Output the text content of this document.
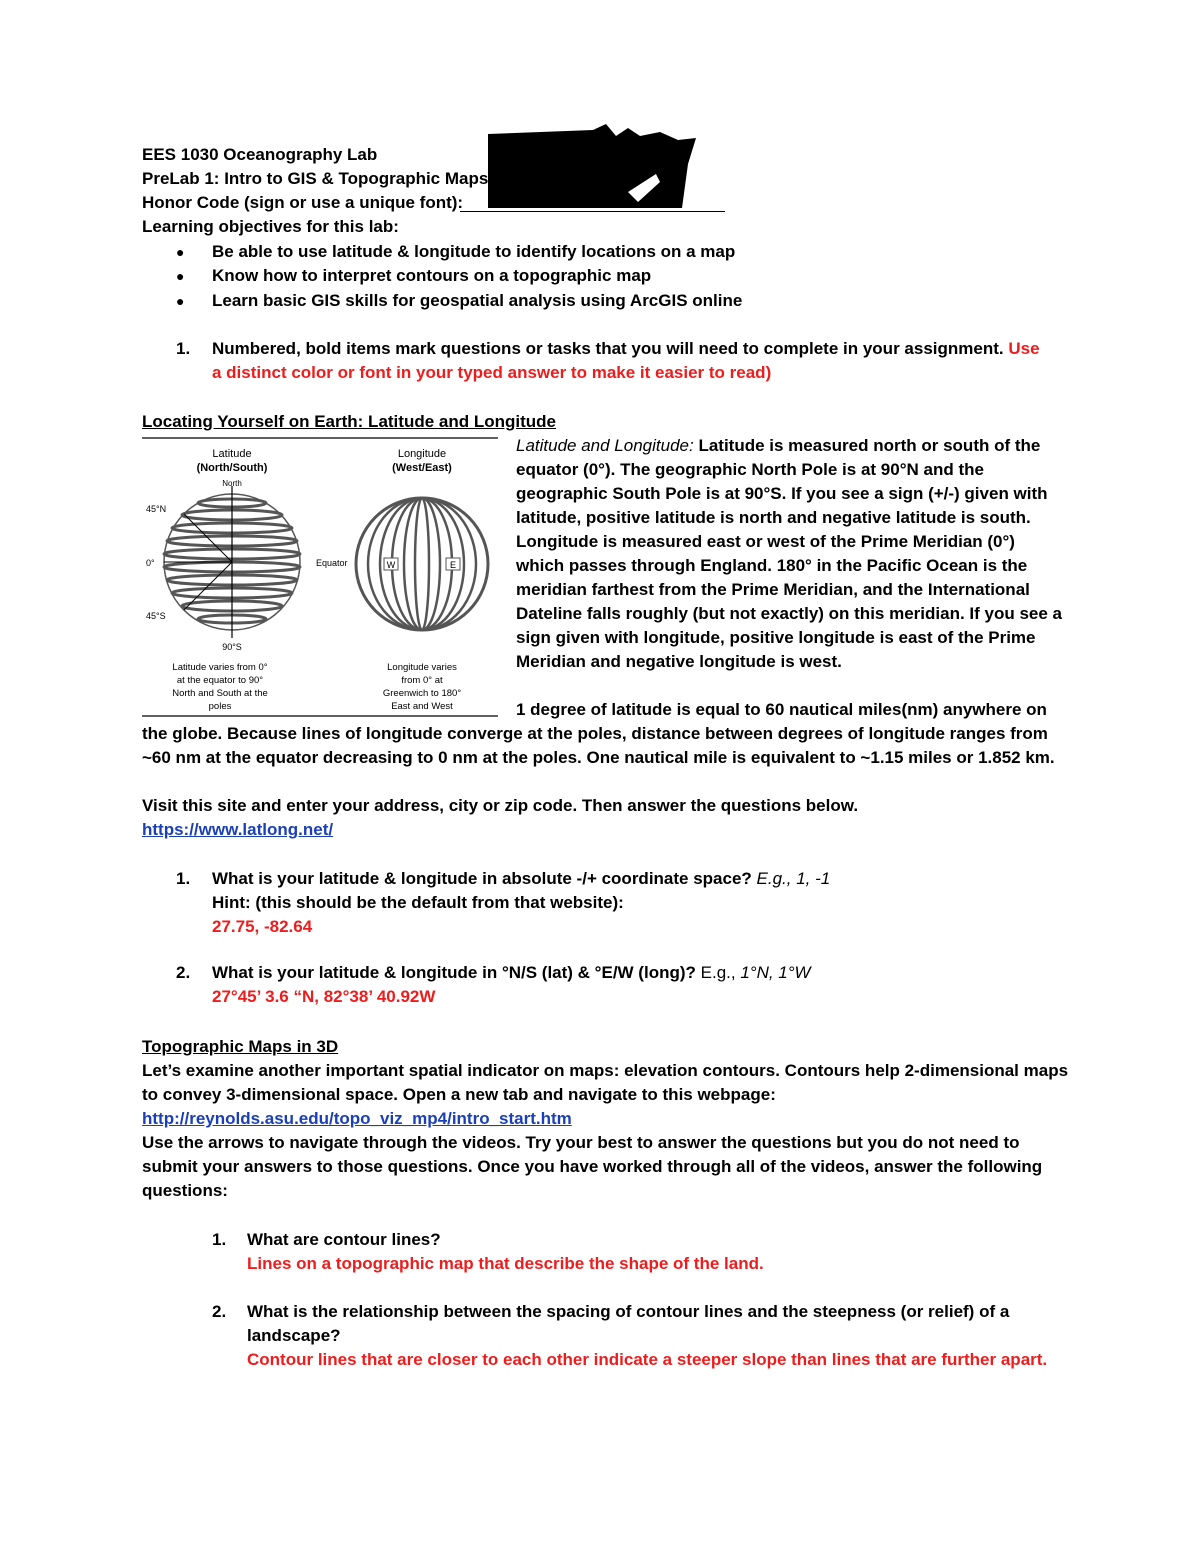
EES 1030 Oceanography Lab
PreLab 1: Intro to GIS & Topographic Maps
Honor Code (sign or use a unique font):
Learning objectives for this lab:
● Be able to use latitude & longitude to identify locations on a map
● Know how to interpret contours on a topographic map
● Learn basic GIS skills for geospatial analysis using ArcGIS online
1. Numbered, bold items mark questions or tasks that you will need to complete in your assignment. Use
a distinct color or font in your typed answer to make it easier to read)
Locating Yourself on Earth: Latitude and Longitude
Latitude
(North/South)
Longitude
(West/East)
North
45°N
0°
45°S
90°S
Equator	W	E
Latitude varies from 0°
at the equator to 90°
North and South at the
poles
Longitude varies
from 0° at
Greenwich to 180°
East and West
Latitude and Longitude: Latitude is measured north or south of the
equator (0°). The geographic North Pole is at 90°N and the
geographic South Pole is at 90°S. If you see a sign (+/-) given with
latitude, positive latitude is north and negative latitude is south.
Longitude is measured east or west of the Prime Meridian (0°)
which passes through England. 180° in the Pacific Ocean is the
meridian farthest from the Prime Meridian, and the International
Dateline falls roughly (but not exactly) on this meridian. If you see a
sign given with longitude, positive longitude is east of the Prime
Meridian and negative longitude is west.
1 degree of latitude is equal to 60 nautical miles(nm) anywhere on
the globe. Because lines of longitude converge at the poles, distance between degrees of longitude ranges from
~60 nm at the equator decreasing to 0 nm at the poles. One nautical mile is equivalent to ~1.15 miles or 1.852 km.
Visit this site and enter your address, city or zip code. Then answer the questions below.
https://www.latlong.net/
1. What is your latitude & longitude in absolute -/+ coordinate space? E.g., 1, -1
Hint: (this should be the default from that website):
27.75, -82.64
2. What is your latitude & longitude in °N/S (lat) & °E/W (long)? E.g., 1°N, 1°W
27°45’ 3.6 “N, 82°38’ 40.92W
Topographic Maps in 3D
Let’s examine another important spatial indicator on maps: elevation contours. Contours help 2-dimensional maps
to convey 3-dimensional space. Open a new tab and navigate to this webpage:
http://reynolds.asu.edu/topo_viz_mp4/intro_start.htm
Use the arrows to navigate through the videos. Try your best to answer the questions but you do not need to
submit your answers to those questions. Once you have worked through all of the videos, answer the following
questions:
1. What are contour lines?
Lines on a topographic map that describe the shape of the land.
2. What is the relationship between the spacing of contour lines and the steepness (or relief) of a
landscape?
Contour lines that are closer to each other indicate a steeper slope than lines that are further apart.
